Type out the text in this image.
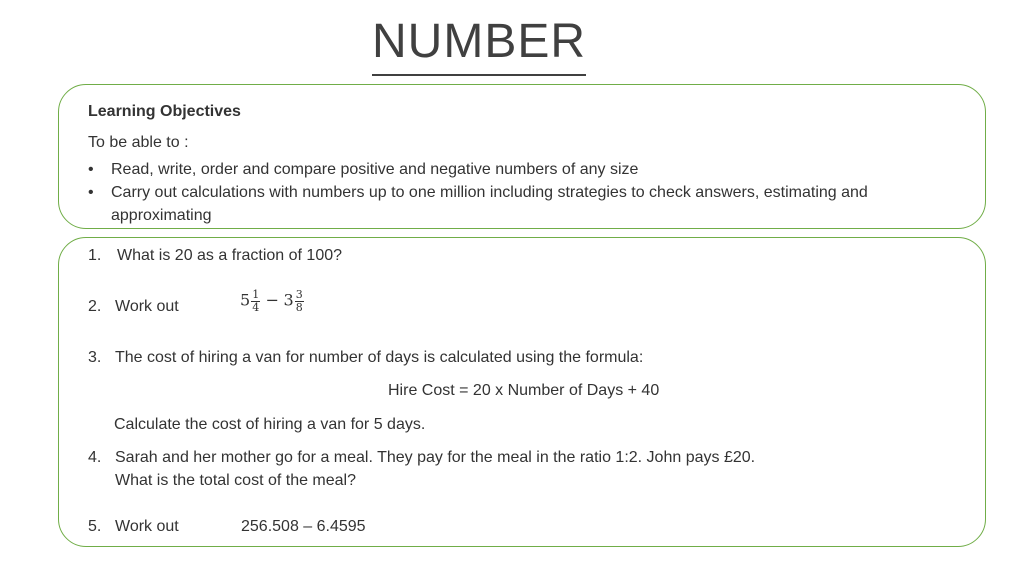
NUMBER
Learning Objectives
To be able to :
• Read, write, order and compare positive and negative numbers of any size
• Carry out calculations with numbers up to one million including strategies to check answers, estimating and
approximating
1. What is 20 as a fraction of 100?
2. Work out	$5 \frac{1}{4} - 3 \frac{3}{8}$
3. The cost of hiring a van for number of days is calculated using the formula:
Hire Cost = 20 x Number of Days + 40
Calculate the cost of hiring a van for 5 days.
4. Sarah and her mother go for a meal. They pay for the meal in the ratio 1:2. John pays £20.
What is the total cost of the meal?
5. Work out	256.508 – 6.4595
